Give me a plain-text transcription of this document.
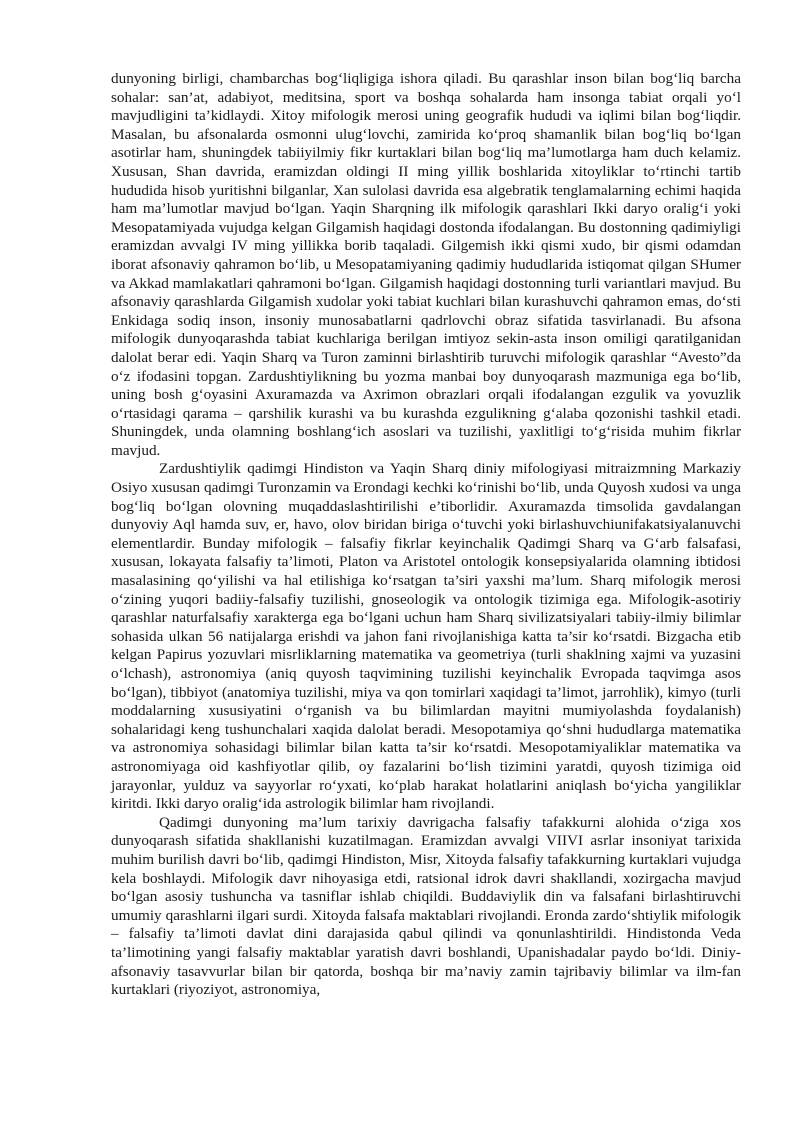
dunyoning birligi, chambarchas bog‘liqligiga ishora qiladi. Bu qarashlar inson bilan bog‘liq barcha sohalar: san’at, adabiyot, meditsina, sport va boshqa sohalarda ham insonga tabiat orqali yo‘l mavjudligini ta’kidlaydi. Xitoy mifologik merosi uning geografik hududi va iqlimi bilan bog‘liqdir. Masalan, bu afsonalarda osmonni ulug‘lovchi, zamirida ko‘proq shamanlik bilan bog‘liq bo‘lgan asotirlar ham, shuningdek tabiiyilmiy fikr kurtaklari bilan bog‘liq ma’lumotlarga ham duch kelamiz. Xususan, Shan davrida, eramizdan oldingi II ming yillik boshlarida xitoyliklar to‘rtinchi tartib hududida hisob yuritishni bilganlar, Xan sulolasi davrida esa algebratik tenglamalarning echimi haqida ham ma’lumotlar mavjud bo‘lgan. Yaqin Sharqning ilk mifologik qarashlari Ikki daryo oralig‘i yoki Mesopatamiyada vujudga kelgan Gilgamish haqidagi dostonda ifodalangan. Bu dostonning qadimiyligi eramizdan avvalgi IV ming yillikka borib taqaladi. Gilgemish ikki qismi xudo, bir qismi odamdan iborat afsonaviy qahramon bo‘lib, u Mesopatamiyaning qadimiy hududlarida istiqomat qilgan SHumer va Akkad mamlakatlari qahramoni bo‘lgan. Gilgamish haqidagi dostonning turli variantlari mavjud. Bu afsonaviy qarashlarda Gilgamish xudolar yoki tabiat kuchlari bilan kurashuvchi qahramon emas, do‘sti Enkidaga sodiq inson, insoniy munosabatlarni qadrlovchi obraz sifatida tasvirlanadi. Bu afsona mifologik dunyoqarashda tabiat kuchlariga berilgan imtiyoz sekin-asta inson omiligi qaratilganidan dalolat berar edi. Yaqin Sharq va Turon zaminni birlashtirib turuvchi mifologik qarashlar “Avesto”da o‘z ifodasini topgan. Zardushtiylikning bu yozma manbai boy dunyoqarash mazmuniga ega bo‘lib, uning bosh g‘oyasini Axuramazda va Axrimon obrazlari orqali ifodalangan ezgulik va yovuzlik o‘rtasidagi qarama – qarshilik kurashi va bu kurashda ezgulikning g‘alaba qozonishi tashkil etadi. Shuningdek, unda olamning boshlang‘ich asoslari va tuzilishi, yaxlitligi to‘g‘risida muhim fikrlar mavjud.

Zardushtiylik qadimgi Hindiston va Yaqin Sharq diniy mifologiyasi mitraizmning Markaziy Osiyo xususan qadimgi Turonzamin va Erondagi kechki ko‘rinishi bo‘lib, unda Quyosh xudosi va unga bog‘liq bo‘lgan olovning muqaddaslashtirilishi e’tiborlidir. Axuramazda timsolida gavdalangan dunyoviy Aql hamda suv, er, havo, olov biridan biriga o‘tuvchi yoki birlashuvchiunifakatsiyalanuvchi elementlardir. Bunday mifologik – falsafiy fikrlar keyinchalik Qadimgi Sharq va G‘arb falsafasi, xususan, lokayata falsafiy ta’limoti, Platon va Aristotel ontologik konsepsiyalarida olamning ibtidosi masalasining qo‘yilishi va hal etilishiga ko‘rsatgan ta’siri yaxshi ma’lum. Sharq mifologik merosi o‘zining yuqori badiiy-falsafiy tuzilishi, gnoseologik va ontologik tizimiga ega. Mifologik-asotiriy qarashlar naturfalsafiy xarakterga ega bo‘lgani uchun ham Sharq sivilizatsiyalari tabiiy-ilmiy bilimlar sohasida ulkan 56 natijalarga erishdi va jahon fani rivojlanishiga katta ta’sir ko‘rsatdi. Bizgacha etib kelgan Papirus yozuvlari misrliklarning matematika va geometriya (turli shaklning xajmi va yuzasini o‘lchash), astronomiya (aniq quyosh taqvimining tuzilishi keyinchalik Evropada taqvimga asos bo‘lgan), tibbiyot (anatomiya tuzilishi, miya va qon tomirlari xaqidagi ta’limot, jarrohlik), kimyo (turli moddalarning xususiyatini o‘rganish va bu bilimlardan mayitni mumiyolashda foydalanish) sohalaridagi keng tushunchalari xaqida dalolat beradi. Mesopotamiya qo‘shni hududlarga matematika va astronomiya sohasidagi bilimlar bilan katta ta’sir ko‘rsatdi. Mesopotamiyaliklar matematika va astronomiyaga oid kashfiyotlar qilib, oy fazalarini bo‘lish tizimini yaratdi, quyosh tizimiga oid jarayonlar, yulduz va sayyorlar ro‘yxati, ko‘plab harakat holatlarini aniqlash bo‘yicha yangiliklar kiritdi. Ikki daryo oralig‘ida astrologik bilimlar ham rivojlandi.

Qadimgi dunyoning ma’lum tarixiy davrigacha falsafiy tafakkurni alohida o‘ziga xos dunyoqarash sifatida shakllanishi kuzatilmagan. Eramizdan avvalgi VIIVI asrlar insoniyat tarixida muhim burilish davri bo‘lib, qadimgi Hindiston, Misr, Xitoyda falsafiy tafakkurning kurtaklari vujudga kela boshlaydi. Mifologik davr nihoyasiga etdi, ratsional idrok davri shakllandi, xozirgacha mavjud bo‘lgan asosiy tushuncha va tasniflar ishlab chiqildi. Buddaviylik din va falsafani birlashtiruvchi umumiy qarashlarni ilgari surdi. Xitoyda falsafa maktablari rivojlandi. Eronda zardo‘shtiylik mifologik – falsafiy ta’limoti davlat dini darajasida qabul qilindi va qonunlashtirildi. Hindistonda Veda ta’limotining yangi falsafiy maktablar yaratish davri boshlandi, Upanishadalar paydo bo‘ldi. Diniy-afsonaviy tasavvurlar bilan bir qatorda, boshqa bir ma’naviy zamin tajribaviy bilimlar va ilm-fan kurtaklari (riyoziyot, astronomiya,
